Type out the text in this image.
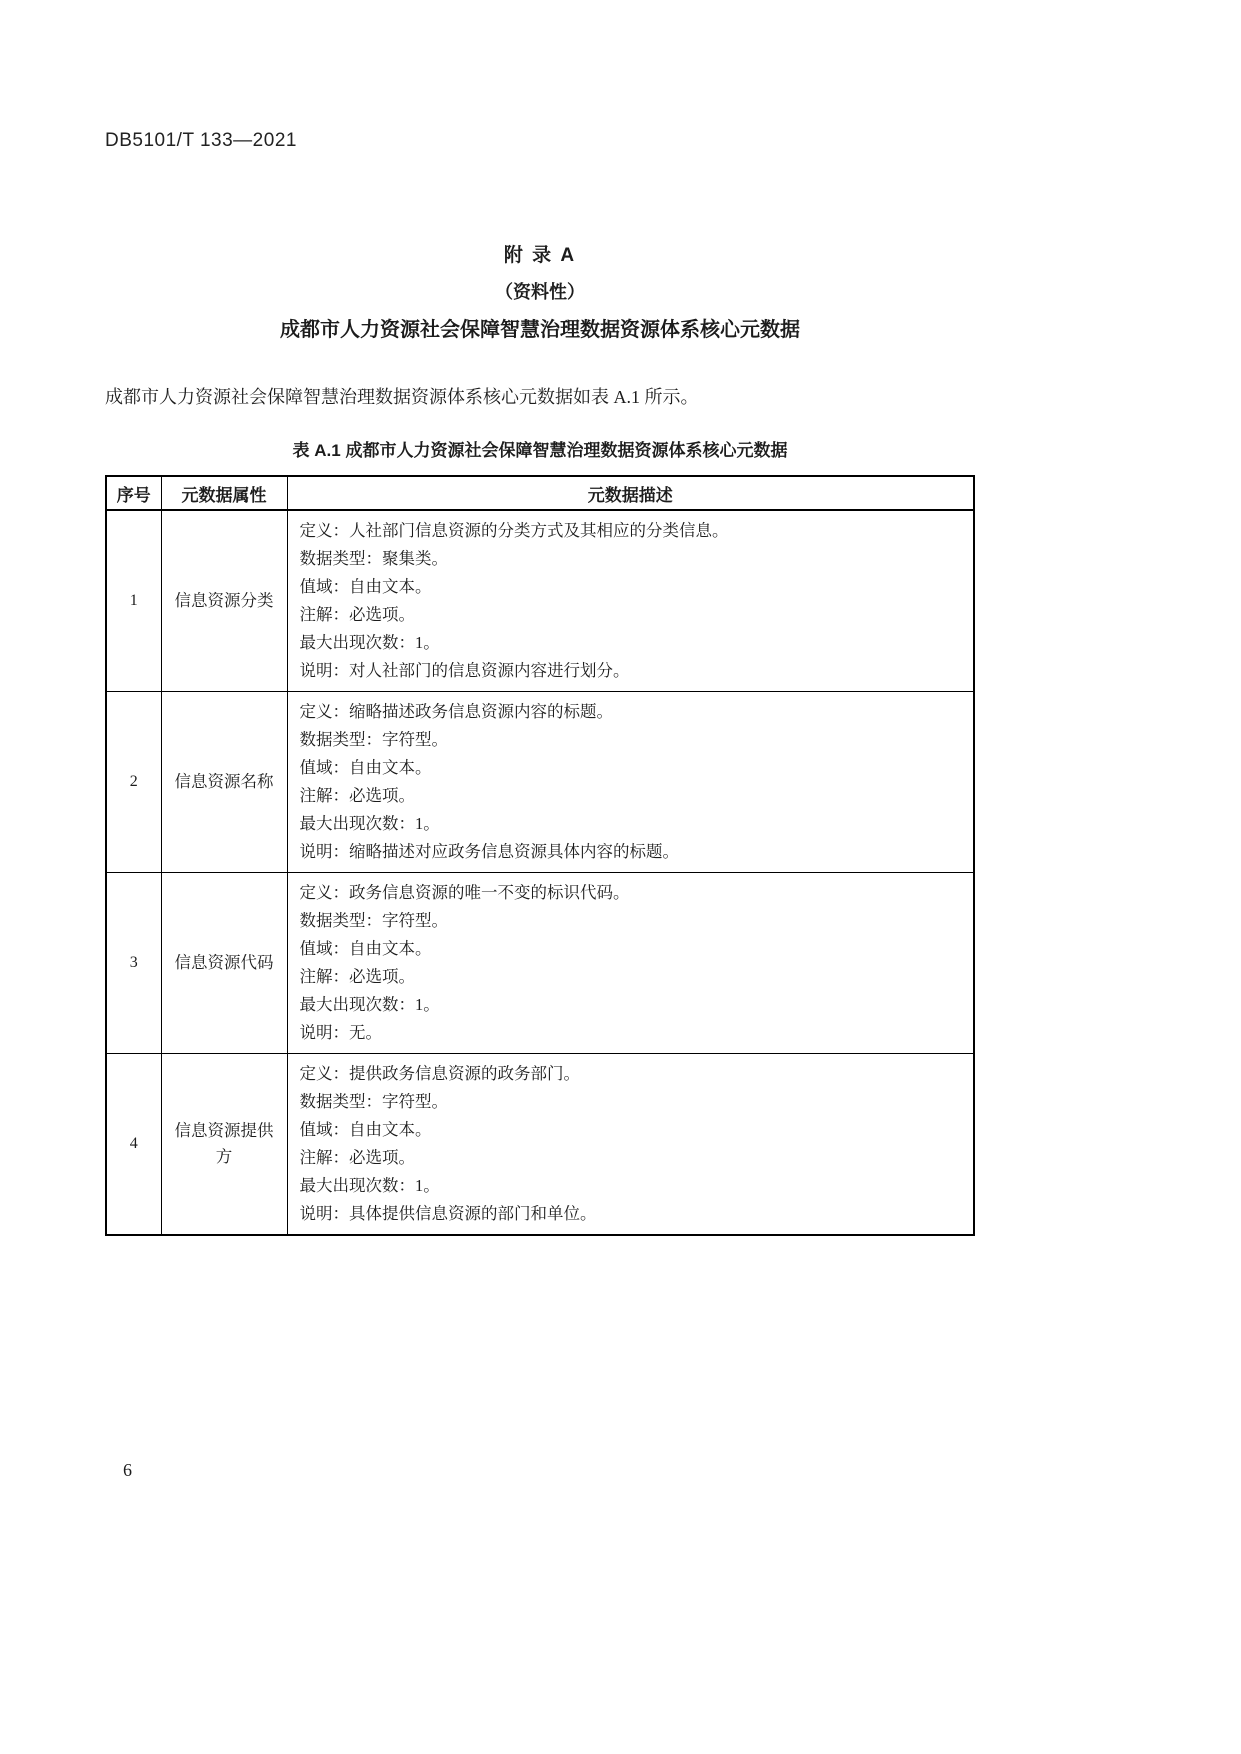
DB5101/T 133—2021
附 录 A
（资料性）
成都市人力资源社会保障智慧治理数据资源体系核心元数据

成都市人力资源社会保障智慧治理数据资源体系核心元数据如表 A.1 所示。

表 A.1 成都市人力资源社会保障智慧治理数据资源体系核心元数据
序号	元数据属性	元数据描述
1	信息资源分类	
定义：人社部门信息资源的分类方式及其相应的分类信息。
数据类型：聚集类。
值域：自由文本。
注解：必选项。
最大出现次数：1。
说明：对人社部门的信息资源内容进行划分。

2	信息资源名称	
定义：缩略描述政务信息资源内容的标题。
数据类型：字符型。
值域：自由文本。
注解：必选项。
最大出现次数：1。
说明：缩略描述对应政务信息资源具体内容的标题。

3	信息资源代码	
定义：政务信息资源的唯一不变的标识代码。
数据类型：字符型。
值域：自由文本。
注解：必选项。
最大出现次数：1。
说明：无。

4	信息资源提供方	
定义：提供政务信息资源的政务部门。
数据类型：字符型。
值域：自由文本。
注解：必选项。
最大出现次数：1。
说明：具体提供信息资源的部门和单位。
6
